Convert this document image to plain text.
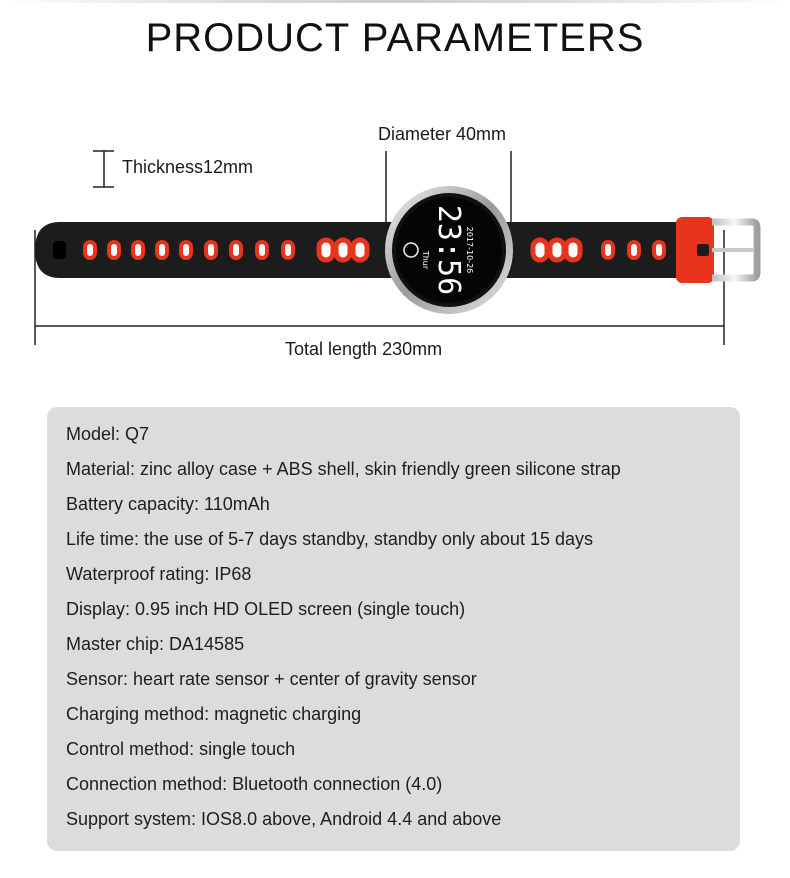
PRODUCT PARAMETERS
23:56 2017-10-26
Thur
Diameter 40mm
Thickness12mm
Total length 230mm
Model: Q7
Material: zinc alloy case + ABS shell, skin friendly green silicone strap
Battery capacity: 110mAh
Life time: the use of 5-7 days standby, standby only about 15 days
Waterproof rating: IP68
Display: 0.95 inch HD OLED screen (single touch)
Master chip: DA14585
Sensor: heart rate sensor + center of gravity sensor
Charging method: magnetic charging
Control method: single touch
Connection method: Bluetooth connection (4.0)
Support system: IOS8.0 above, Android 4.4 and above
